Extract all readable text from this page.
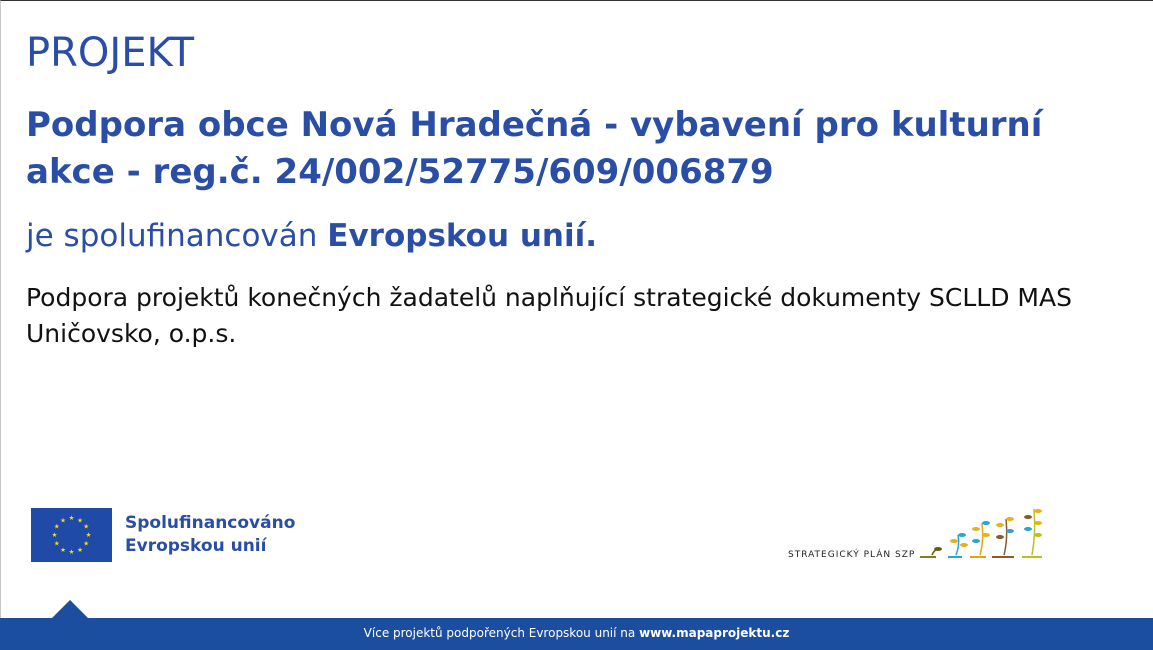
PROJEKT
Podpora obce Nová Hradečná - vybavení pro kulturní akce - reg.č. 24/002/52775/609/006879
je spolufinancován Evropskou unií.
Podpora projektů konečných žadatelů naplňující strategické dokumenty SCLLD MAS Uničovsko, o.p.s.
★ ★
★
★
★
★
★
★
★
★
★
★	Spolufinancováno
Evropskou unií	STRATEGICKÝ PLÁN SZP
Více projektů podpořených Evropskou unií na www.mapaprojektu.cz
